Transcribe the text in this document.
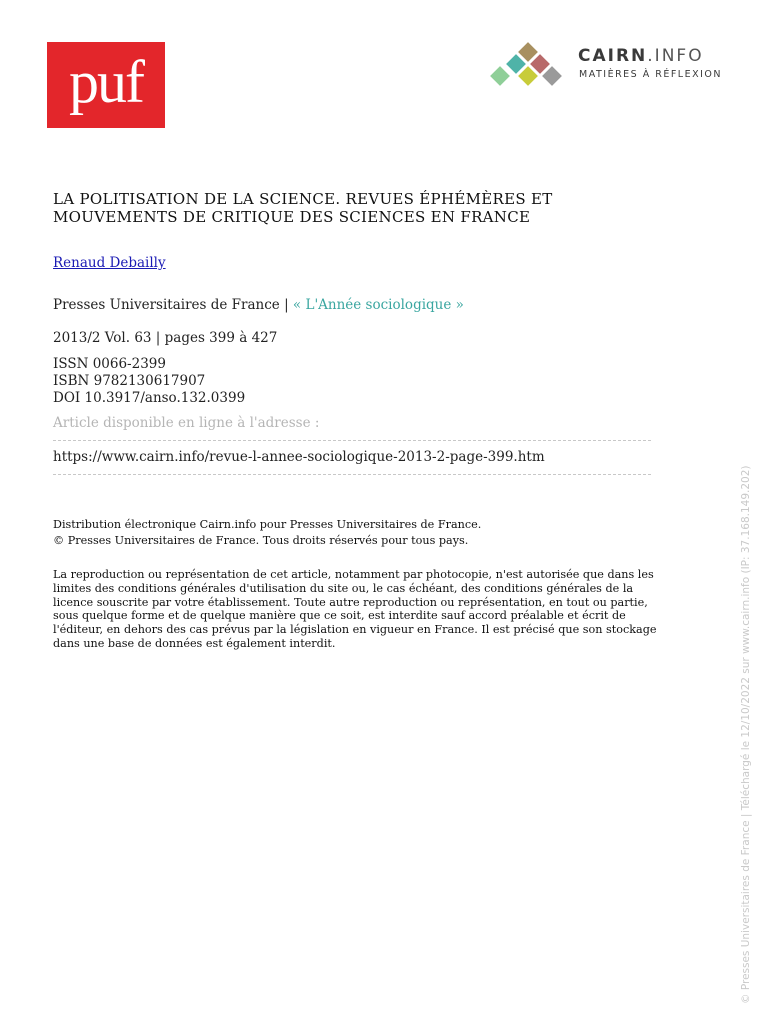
puf	CAIRN.INFO
MATIÈRES À RÉFLEXION
LA POLITISATION DE LA SCIENCE. REVUES ÉPHÉMÈRES ET
MOUVEMENTS DE CRITIQUE DES SCIENCES EN FRANCE
Renaud Debailly
Presses Universitaires de France | « L'Année sociologique »
2013/2 Vol. 63 | pages 399 à 427
ISSN 0066-2399
ISBN 9782130617907
DOI 10.3917/anso.132.0399
Article disponible en ligne à l'adresse :
https://www.cairn.info/revue-l-annee-sociologique-2013-2-page-399.htm
Distribution électronique Cairn.info pour Presses Universitaires de France.
© Presses Universitaires de France. Tous droits réservés pour tous pays.
La reproduction ou représentation de cet article, notamment par photocopie, n'est autorisée que dans les
limites des conditions générales d'utilisation du site ou, le cas échéant, des conditions générales de la
licence souscrite par votre établissement. Toute autre reproduction ou représentation, en tout ou partie,
sous quelque forme et de quelque manière que ce soit, est interdite sauf accord préalable et écrit de
l'éditeur, en dehors des cas prévus par la législation en vigueur en France. Il est précisé que son stockage
dans une base de données est également interdit.	© Presses Universitaires de France | Téléchargé le 12/10/2022 sur www.cairn.info (IP: 37.168.149.202)
